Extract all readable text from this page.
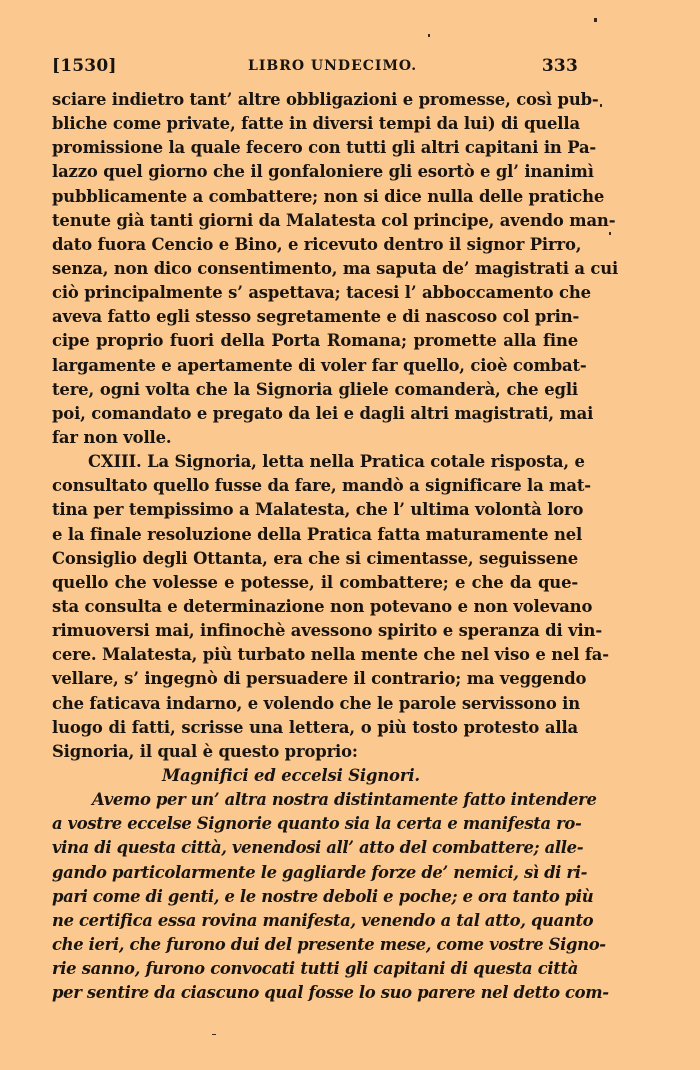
[1530]	LIBRO UNDECIMO.	333
sciare indietro tant’ altre obbligazioni e promesse, così pub-
bliche come private, fatte in diversi tempi da lui) di quella
promissione la quale fecero con tutti gli altri capitani in Pa-
lazzo quel giorno che il gonfaloniere gli esortò e gl’ inanimì
pubblicamente a combattere; non si dice nulla delle pratiche
tenute già tanti giorni da Malatesta col principe, avendo man-
dato fuora Cencio e Bino, e ricevuto dentro il signor Pirro,
senza, non dico consentimento, ma saputa de’ magistrati a cui
ciò principalmente s’ aspettava; tacesi l’ abboccamento che
aveva fatto egli stesso segretamente e di nascoso col prin-
cipe proprio fuori della Porta Romana; promette alla fine
largamente e apertamente di voler far quello, cioè combat-
tere, ogni volta che la Signoria gliele comanderà, che egli
poi, comandato e pregato da lei e dagli altri magistrati, mai
far non volle.
CXIII. La Signoria, letta nella Pratica cotale risposta, e
consultato quello fusse da fare, mandò a significare la mat-
tina per tempissimo a Malatesta, che l’ ultima volontà loro
e la finale resoluzione della Pratica fatta maturamente nel
Consiglio degli Ottanta, era che si cimentasse, seguissene
quello che volesse e potesse, il combattere; e che da que-
sta consulta e determinazione non potevano e non volevano
rimuoversi mai, infinochè avessono spirito e speranza di vin-
cere. Malatesta, più turbato nella mente che nel viso e nel fa-
vellare, s’ ingegnò di persuadere il contrario; ma veggendo
che faticava indarno, e volendo che le parole servissono in
luogo di fatti, scrisse una lettera, o più tosto protesto alla
Signoria, il qual è questo proprio:
Magnifici ed eccelsi Signori.
Avemo per un’ altra nostra distintamente fatto intendere
a vostre eccelse Signorie quanto sia la certa e manifesta ro-
vina di questa città, venendosi all’ atto del combattere; alle-
gando particolarmente le gagliarde forze de’ nemici, sì di ri-
pari come di genti, e le nostre deboli e poche; e ora tanto più
ne certifica essa rovina manifesta, venendo a tal atto, quanto
che ieri, che furono dui del presente mese, come vostre Signo-
rie sanno, furono convocati tutti gli capitani di questa città
per sentire da ciascuno qual fosse lo suo parere nel detto com-
